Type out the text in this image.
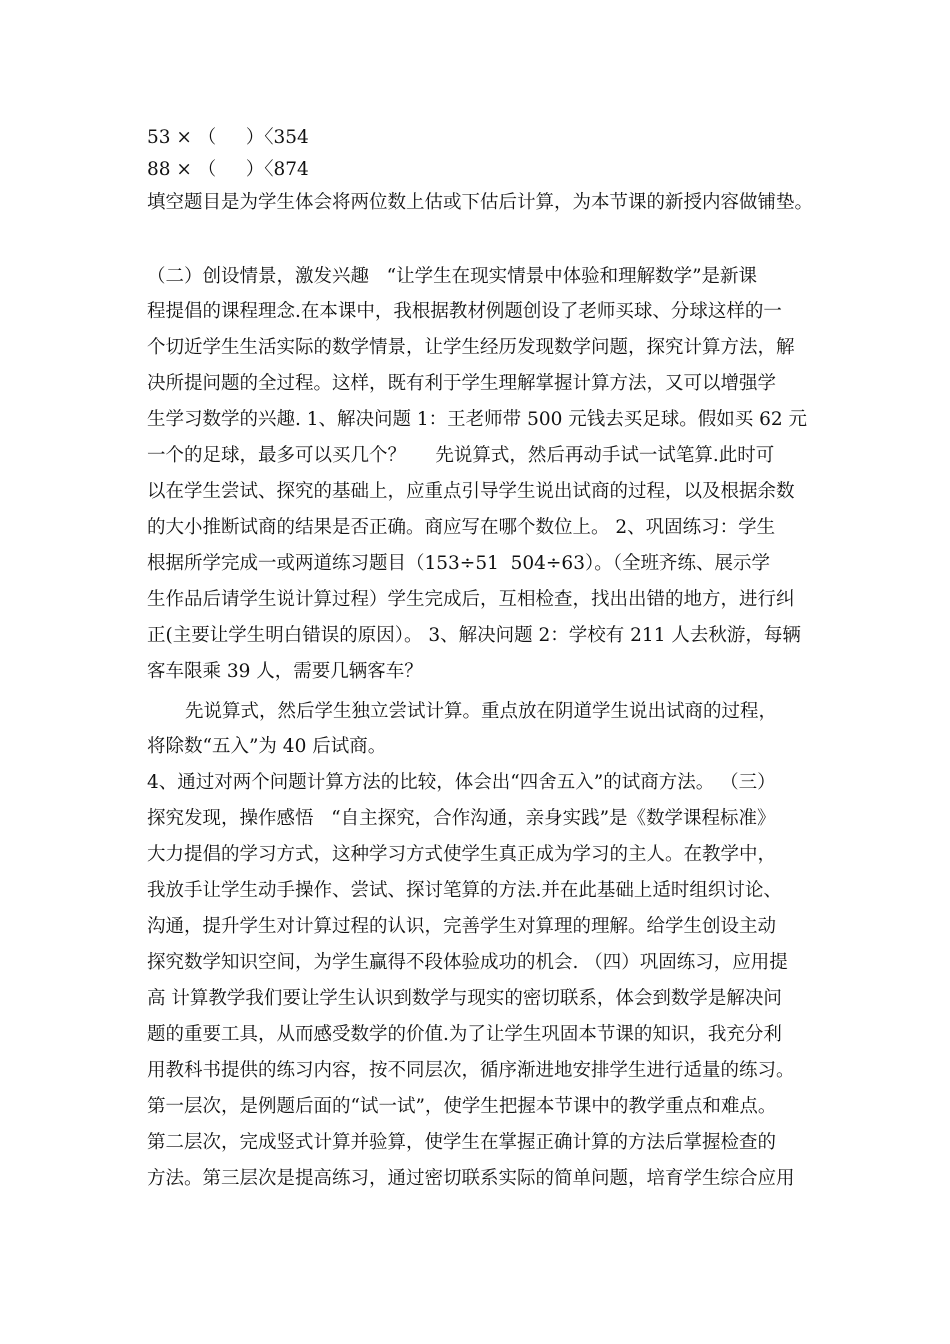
53 × （     ）〈354
88 × （     ）〈874
填空题目是为学生体会将两位数上估或下估后计算，为本节课的新授内容做铺垫。
（二）创设情景，激发兴趣   “让学生在现实情景中体验和理解数学”是新课
程提倡的课程理念.在本课中，我根据教材例题创设了老师买球、分球这样的一
个切近学生生活实际的数学情景，让学生经历发现数学问题，探究计算方法，解
决所提问题的全过程。这样，既有利于学生理解掌握计算方法，又可以增强学
生学习数学的兴趣. 1、解决问题 1：王老师带 500 元钱去买足球。假如买 62 元
一个的足球，最多可以买几个？     先说算式，然后再动手试一试笔算.此时可
以在学生尝试、探究的基础上，应重点引导学生说出试商的过程，以及根据余数
的大小推断试商的结果是否正确。商应写在哪个数位上。 2、巩固练习：学生
根据所学完成一或两道练习题目（153÷51  504÷63）。（全班齐练、展示学
生作品后请学生说计算过程）学生完成后，互相检查，找出出错的地方，进行纠
正(主要让学生明白错误的原因）。 3、解决问题 2：学校有 211 人去秋游，每辆
客车限乘 39 人，需要几辆客车？
先说算式，然后学生独立尝试计算。重点放在阴道学生说出试商的过程，
将除数“五入”为 40 后试商。
4、通过对两个问题计算方法的比较，体会出“四舍五入”的试商方法。 （三）
探究发现，操作感悟   “自主探究，合作沟通，亲身实践”是《数学课程标准》
大力提倡的学习方式，这种学习方式使学生真正成为学习的主人。在教学中，
我放手让学生动手操作、尝试、探讨笔算的方法.并在此基础上适时组织讨论、
沟通，提升学生对计算过程的认识，完善学生对算理的理解。给学生创设主动
探究数学知识空间，为学生赢得不段体验成功的机会. （四）巩固练习，应用提
高 计算教学我们要让学生认识到数学与现实的密切联系，体会到数学是解决问
题的重要工具，从而感受数学的价值.为了让学生巩固本节课的知识，我充分利
用教科书提供的练习内容，按不同层次，循序渐进地安排学生进行适量的练习。
第一层次，是例题后面的“试一试”，使学生把握本节课中的教学重点和难点。
第二层次，完成竖式计算并验算，使学生在掌握正确计算的方法后掌握检查的
方法。第三层次是提高练习，通过密切联系实际的简单问题，培育学生综合应用
